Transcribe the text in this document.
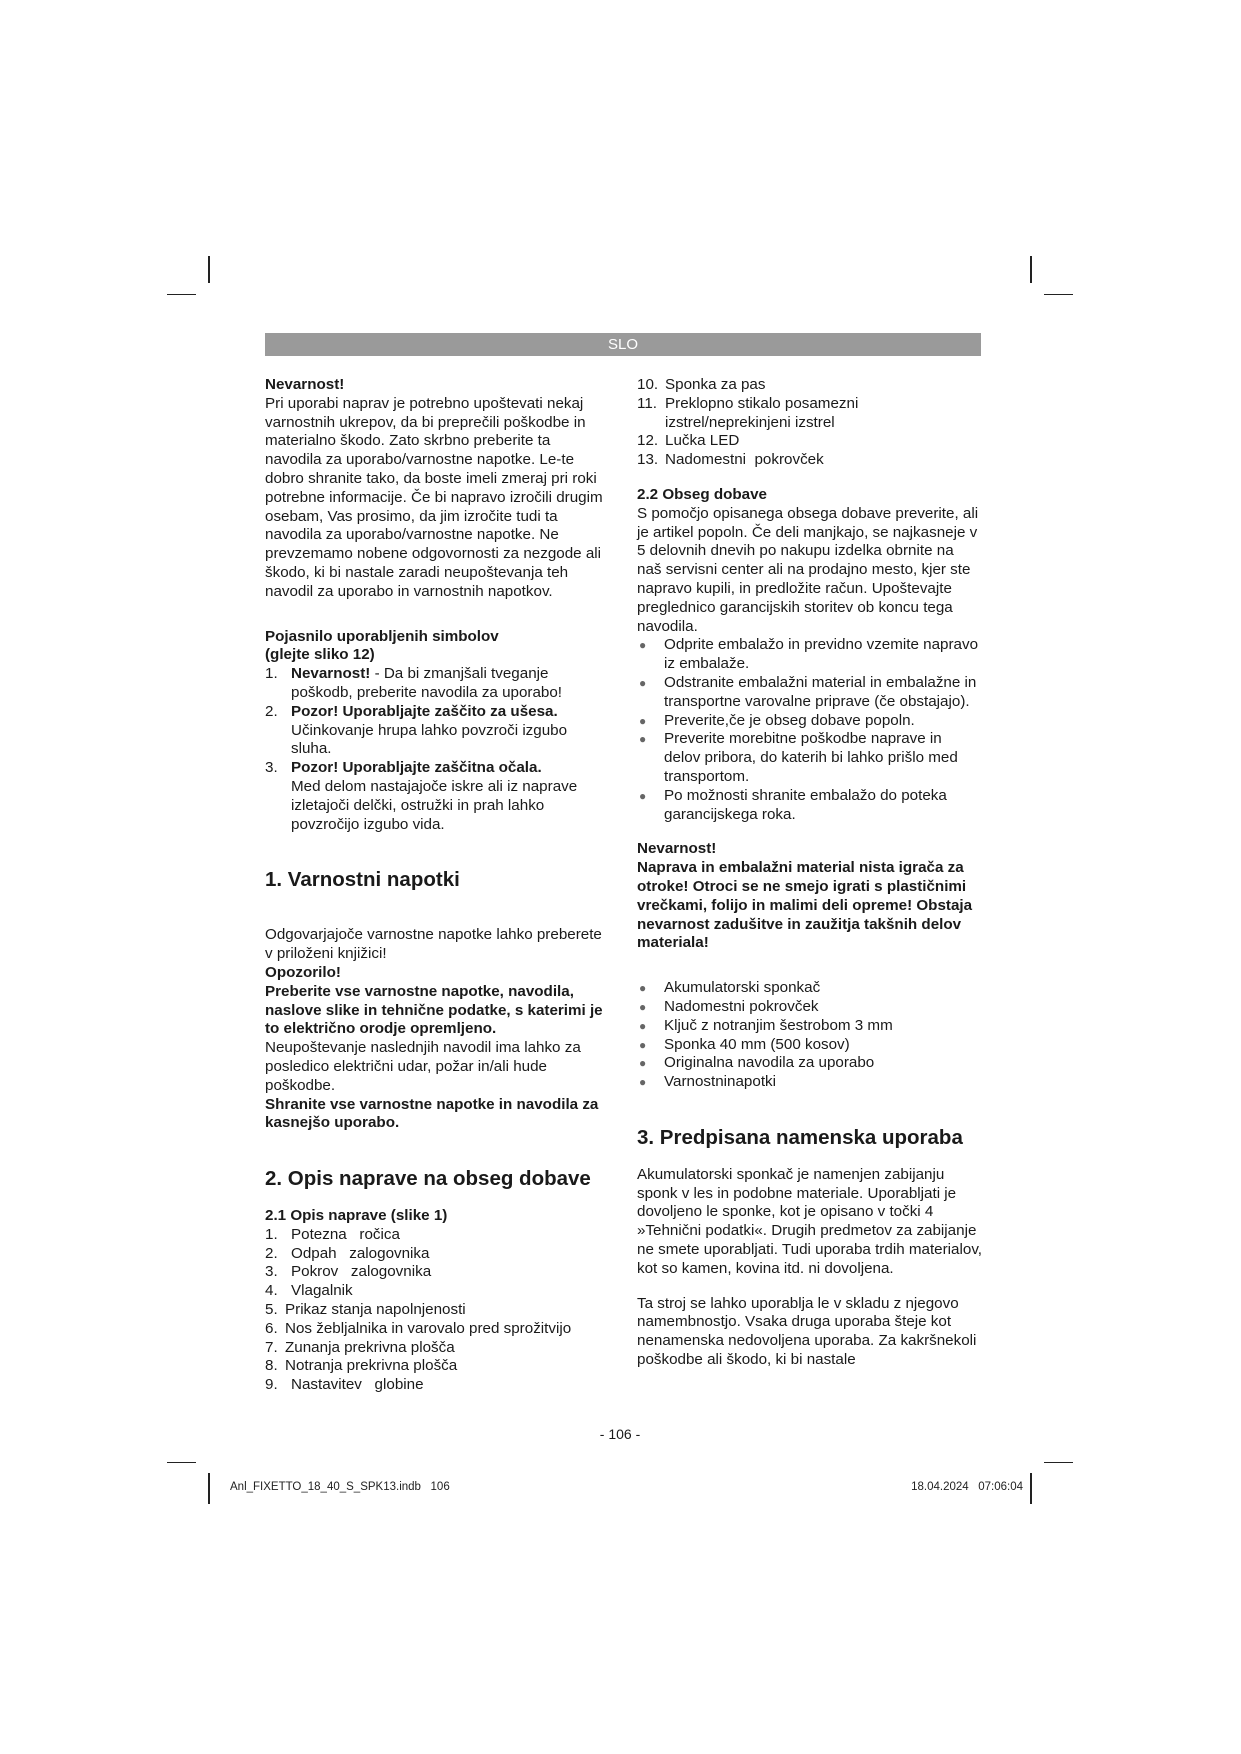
SLO

Nevarnost!

Pri uporabi naprav je potrebno upoštevati nekaj varnostnih ukrepov, da bi preprečili poškodbe in materialno škodo. Zato skrbno preberite ta navodila za uporabo/varnostne napotke. Le-te dobro shranite tako, da boste imeli zmeraj pri roki potrebne informacije. Če bi napravo izročili drugim osebam, Vas prosimo, da jim izročite tudi ta navodila za uporabo/varnostne napotke. Ne prevzemamo nobene odgovornosti za nezgode ali škodo, ki bi nastale zaradi neupoštevanja teh navodil za uporabo in varnostnih napotkov.

Pojasnilo uporabljenih simbolov

(glejte sliko 12)

1. Nevarnost! - Da bi zmanjšali tveganje poškodb, preberite navodila za uporabo!
2. Pozor! Uporabljajte zaščito za ušesa.
Učinkovanje hrupa lahko povzroči izgubo sluha.
3. Pozor! Uporabljajte zaščitna očala.
Med delom nastajajoče iskre ali iz naprave izletajoči delčki, ostružki in prah lahko povzročijo izgubo vida.
1. Varnostni napotki

Odgovarjajoče varnostne napotke lahko preberete v priloženi knjižici!

Opozorilo!

Preberite vse varnostne napotke, navodila, naslove slike in tehnične podatke, s katerimi je to električno orodje opremljeno.

Neupoštevanje naslednjih navodil ima lahko za posledico električni udar, požar in/ali hude poškodbe.

Shranite vse varnostne napotke in navodila za kasnejšo uporabo.

2. Opis naprave na obseg dobave
2.1 Opis naprave (slike 1)
1. Potezna   ročica
2. Odpah   zalogovnika
3. Pokrov   zalogovnika
4. Vlagalnik
5. Prikaz stanja napolnjenosti
6. Nos žebljalnika in varovalo pred sprožitvijo
7. Zunanja prekrivna plošča
8. Notranja prekrivna plošča
9. Nastavitev   globine
10. Sponka za pas
11. Preklopno stikalo posamezni izstrel/neprekinjeni izstrel
12. Lučka LED
13. Nadomestni  pokrovček
2.2 Obseg dobave

S pomočjo opisanega obsega dobave preverite, ali je artikel popoln. Če deli manjkajo, se najkasneje v 5 delovnih dnevih po nakupu izdelka obrnite na naš servisni center ali na prodajno mesto, kjer ste napravo kupili, in predložite račun. Upoštevajte preglednico garancijskih storitev ob koncu tega navodila.

● Odprite embalažo in previdno vzemite napravo iz embalaže.
● Odstranite embalažni material in embalažne in transportne varovalne priprave (če obstajajo).
● Preverite,če je obseg dobave popoln.
● Preverite morebitne poškodbe naprave in delov pribora, do katerih bi lahko prišlo med transportom.
● Po možnosti shranite embalažo do poteka garancijskega roka.

Nevarnost!

Naprava in embalažni material nista igrača za otroke! Otroci se ne smejo igrati s plastičnimi vrečkami, folijo in malimi deli opreme! Obstaja nevarnost zadušitve in zaužitja takšnih delov materiala!

● Akumulatorski sponkač
● Nadomestni pokrovček
● Ključ z notranjim šestrobom 3 mm
● Sponka 40 mm (500 kosov)
● Originalna navodila za uporabo
● Varnostninapotki
3. Predpisana namenska uporaba

Akumulatorski sponkač je namenjen zabijanju sponk v les in podobne materiale. Uporabljati je dovoljeno le sponke, kot je opisano v točki 4 »Tehnični podatki«. Drugih predmetov za zabijanje ne smete uporabljati. Tudi uporaba trdih materialov, kot so kamen, kovina itd. ni dovoljena.

Ta stroj se lahko uporablja le v skladu z njegovo namembnostjo. Vsaka druga uporaba šteje kot nenamenska nedovoljena uporaba. Za kakršnekoli poškodbe ali škodo, ki bi nastale

- 106 -
Anl_FIXETTO_18_40_S_SPK13.indb   106	18.04.2024   07:06:04
